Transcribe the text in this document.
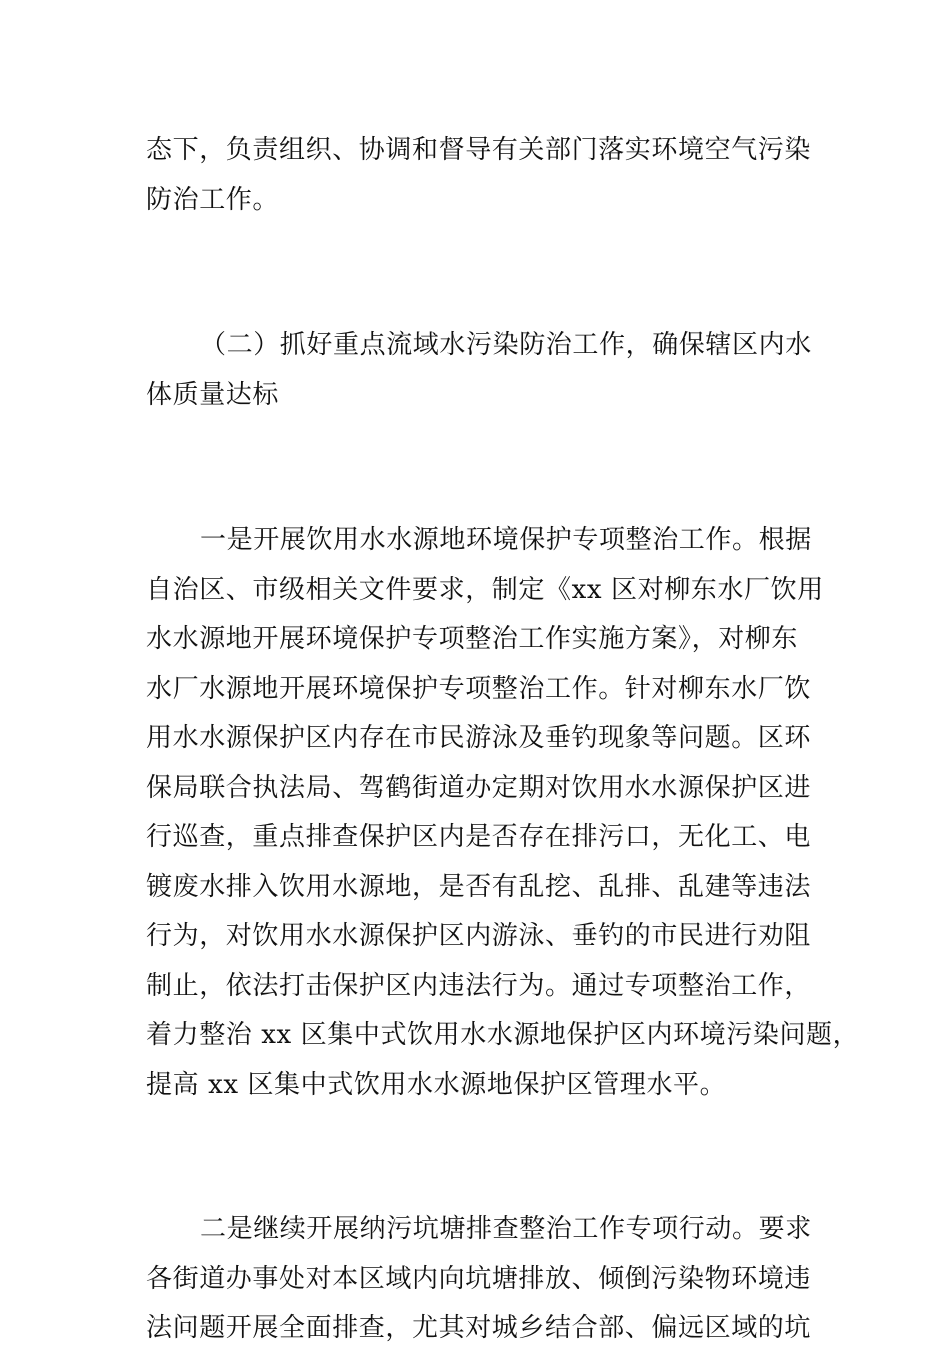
态下，负责组织、协调和督导有关部门落实环境空气污染
防治工作。

（二）抓好重点流域水污染防治工作，确保辖区内水
体质量达标

一是开展饮用水水源地环境保护专项整治工作。根据
自治区、市级相关文件要求，制定《xx 区对柳东水厂饮用
水水源地开展环境保护专项整治工作实施方案》，对柳东
水厂水源地开展环境保护专项整治工作。针对柳东水厂饮
用水水源保护区内存在市民游泳及垂钓现象等问题。区环
保局联合执法局、驾鹤街道办定期对饮用水水源保护区进
行巡查，重点排查保护区内是否存在排污口，无化工、电
镀废水排入饮用水源地，是否有乱挖、乱排、乱建等违法
行为，对饮用水水源保护区内游泳、垂钓的市民进行劝阻
制止，依法打击保护区内违法行为。通过专项整治工作，
着力整治 xx 区集中式饮用水水源地保护区内环境污染问题，
提高 xx 区集中式饮用水水源地保护区管理水平。

二是继续开展纳污坑塘排查整治工作专项行动。要求
各街道办事处对本区域内向坑塘排放、倾倒污染物环境违
法问题开展全面排查，尤其对城乡结合部、偏远区域的坑
